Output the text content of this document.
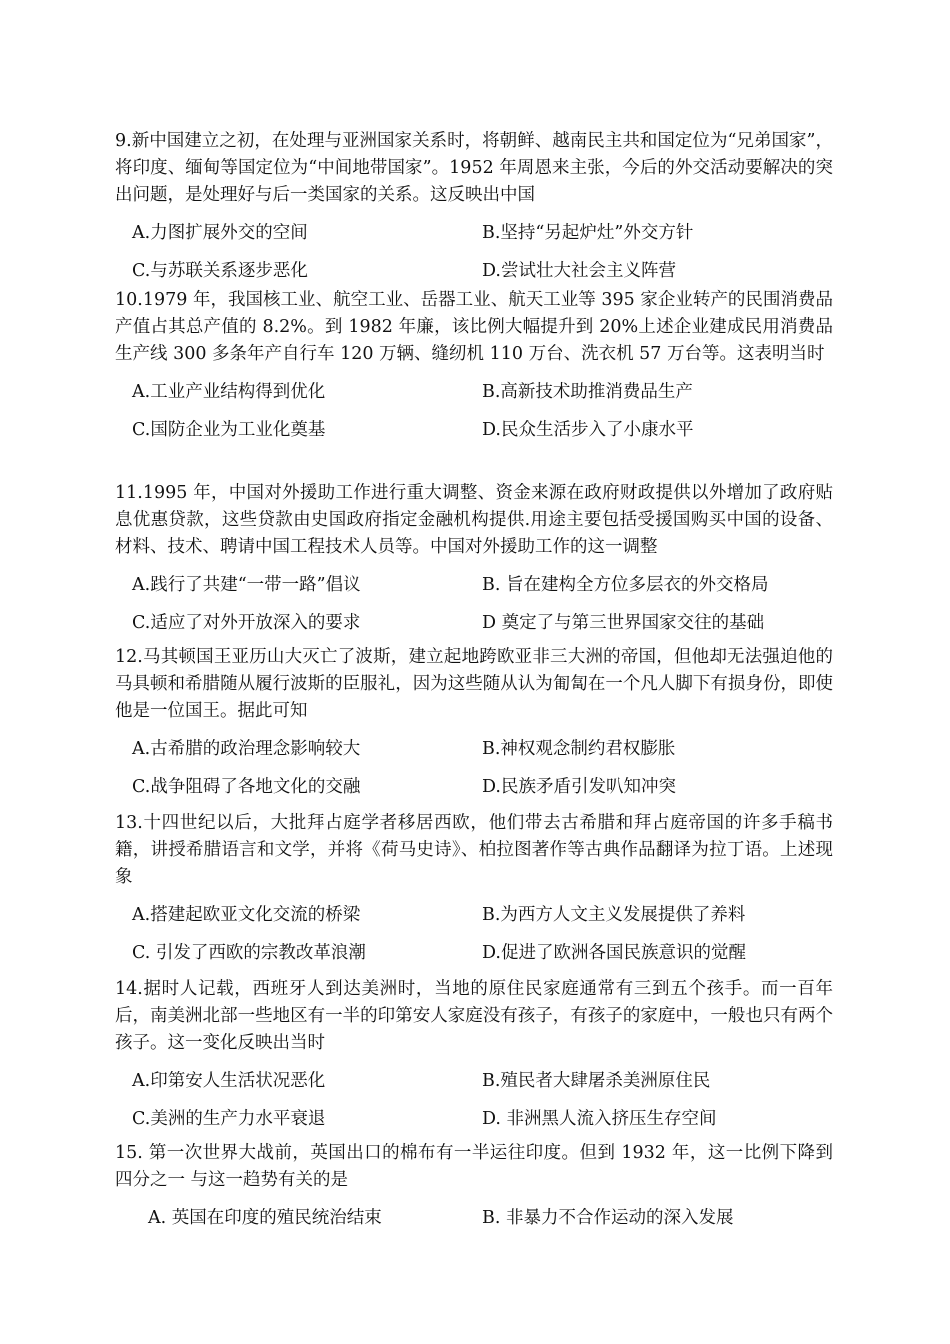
9.新中国建立之初，在处理与亚洲国家关系时，将朝鲜、越南民主共和国定位为“兄弟国家”，将印度、缅甸等国定位为“中间地带国家”。1952 年周恩来主张，今后的外交活动要解决的突出问题，是处理好与后一类国家的关系。这反映出中国

A.力图扩展外交的空间	B.坚持“另起炉灶”外交方针
C.与苏联关系逐步恶化	D.尝试壮大社会主义阵营

10.1979 年，我国核工业、航空工业、岳器工业、航天工业等 395 家企业转产的民围消费品产值占其总产值的 8.2%。到 1982 年廉，该比例大幅提升到 20%上述企业建成民用消费品生产线 300 多条年产自行车 120 万辆、缝纫机 110 万台、洗衣机 57 万台等。这表明当时

A.工业产业结构得到优化	B.高新技术助推消费品生产
C.国防企业为工业化奠基	D.民众生活步入了小康水平

11.1995 年，中国对外援助工作进行重大调整、资金来源在政府财政提供以外增加了政府贴息优惠贷款，这些贷款由史国政府指定金融机构提供.用途主要包括受援国购买中国的设备、材料、技术、聘请中国工程技术人员等。中国对外援助工作的这一调整

A.践行了共建“一带一路”倡议	B. 旨在建构全方位多层衣的外交格局
C.适应了对外开放深入的要求	D 奠定了与第三世界国家交往的基础

12.马其顿国王亚历山大灭亡了波斯，建立起地跨欧亚非三大洲的帝国，但他却无法强迫他的马具顿和希腊随从履行波斯的臣服礼，因为这些随从认为匍匐在一个凡人脚下有损身份，即使他是一位国王。据此可知

A.古希腊的政治理念影响较大	B.神权观念制约君权膨胀
C.战争阻碍了各地文化的交融	D.民族矛盾引发叭知冲突

13.十四世纪以后，大批拜占庭学者移居西欧，他们带去古希腊和拜占庭帝国的许多手稿书籍，讲授希腊语言和文学，并将《荷马史诗》、柏拉图著作等古典作品翻译为拉丁语。上述现象

A.搭建起欧亚文化交流的桥梁	B.为西方人文主义发展提供了养料
C. 引发了西欧的宗教改革浪潮	D.促进了欧洲各国民族意识的觉醒

14.据时人记载，西班牙人到达美洲时，当地的原住民家庭通常有三到五个孩手。而一百年后，南美洲北部一些地区有一半的印第安人家庭没有孩子，有孩子的家庭中，一般也只有两个孩子。这一变化反映出当时

A.印第安人生活状况恶化	B.殖民者大肆屠杀美洲原住民
C.美洲的生产力水平衰退	D. 非洲黑人流入挤压生存空间

15. 第一次世界大战前，英国出口的棉布有一半运往印度。但到 1932 年，这一比例下降到四分之一 与这一趋势有关的是

A. 英国在印度的殖民统治结束	B. 非暴力不合作运动的深入发展
